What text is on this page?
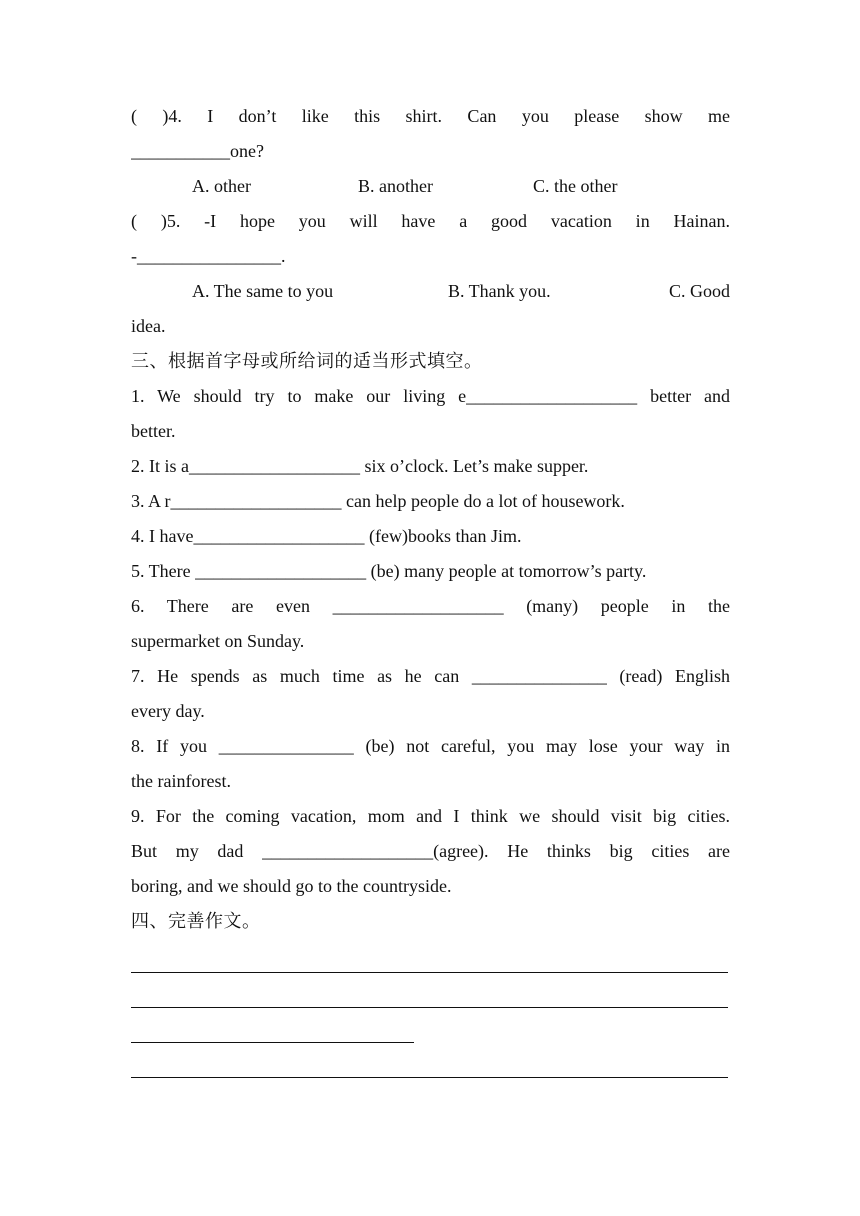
( )4. I don’t like this shirt. Can you please show me
___________one?
A. other	B. another	C. the other
( )5. -I hope you will have a good vacation in Hainan.
-________________.
A. The same to you	B. Thank you.	C. Good
idea.
三、根据首字母或所给词的适当形式填空。
1. We should try to make our living e___________________ better and
better.
2. It is a___________________ six o’clock. Let’s make supper.
3. A r___________________ can help people do a lot of housework.
4. I have___________________ (few)books than Jim.
5. There ___________________ (be) many people at tomorrow’s party.
6. There are even ___________________ (many) people in the
supermarket on Sunday.
7. He spends as much time as he can _______________ (read) English
every day.
8. If you _______________ (be) not careful, you may lose your way in
the rainforest.
9. For the coming vacation, mom and I think we should visit big cities.
But my dad ___________________(agree). He thinks big cities are
boring, and we should go to the countryside.
四、完善作文。
